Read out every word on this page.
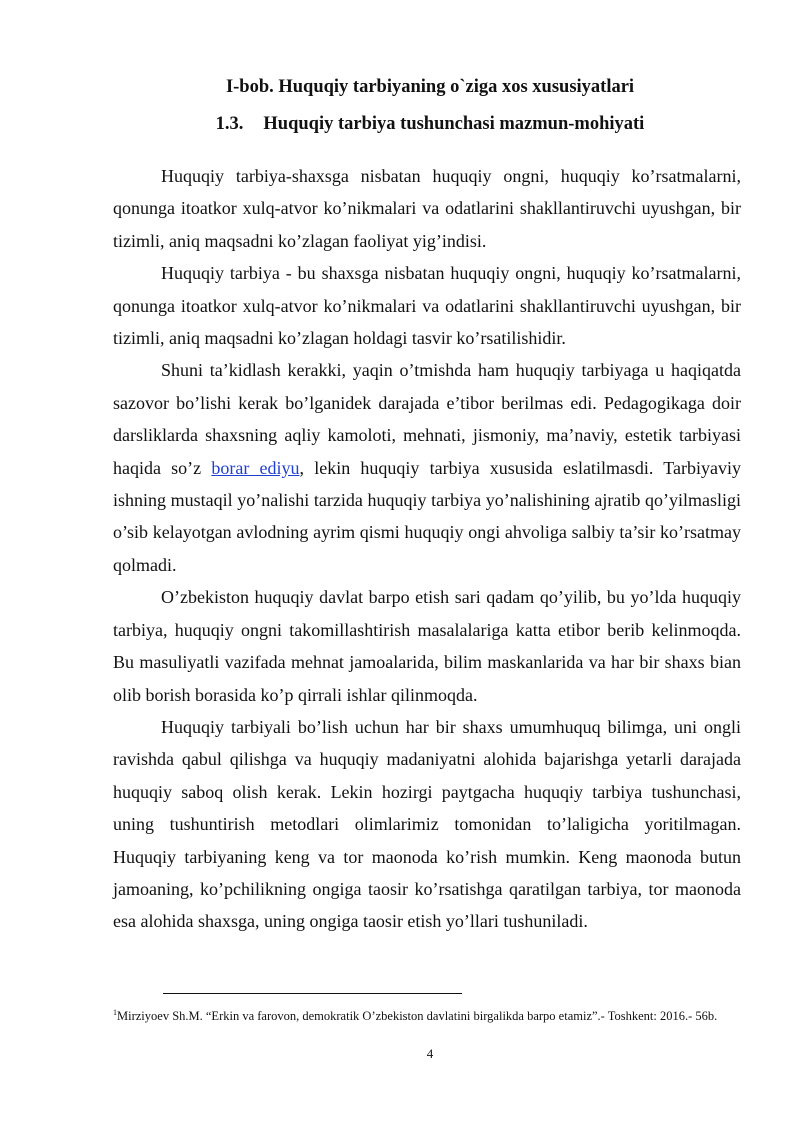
I-bob. Huquqiy tarbiyaning o`ziga xos xususiyatlari
1.3. Huquqiy tarbiya tushunchasi mazmun-mohiyati

Huquqiy tarbiya-shaxsga nisbatan huquqiy ongni, huquqiy ko’rsatmalarni, qonunga itoatkor xulq-atvor ko’nikmalari va odatlarini shakllantiruvchi uyushgan, bir tizimli, aniq maqsadni ko’zlagan faoliyat yig’indisi.

Huquqiy tarbiya - bu shaxsga nisbatan huquqiy ongni, huquqiy ko’rsatmalarni, qonunga itoatkor xulq-atvor ko’nikmalari va odatlarini shakllantiruvchi uyushgan, bir tizimli, aniq maqsadni ko’zlagan holdagi tasvir ko’rsatilishidir.

Shuni ta’kidlash kerakki, yaqin o’tmishda ham huquqiy tarbiyaga u haqiqatda sazovor bo’lishi kerak bo’lganidek darajada e’tibor berilmas edi. Pedagogikaga doir darsliklarda shaxsning aqliy kamoloti, mehnati, jismoniy, ma’naviy, estetik tarbiyasi haqida so’z borar ediyu, lekin huquqiy tarbiya xususida eslatilmasdi. Tarbiyaviy ishning mustaqil yo’nalishi tarzida huquqiy tarbiya yo’nalishining ajratib qo’yilmasligi o’sib kelayotgan avlodning ayrim qismi huquqiy ongi ahvoliga salbiy ta’sir ko’rsatmay qolmadi.

O’zbekiston huquqiy davlat barpo etish sari qadam qo’yilib, bu yo’lda huquqiy tarbiya, huquqiy ongni takomillashtirish masalalariga katta etibor berib kelinmoqda. Bu masuliyatli vazifada mehnat jamoalarida, bilim maskanlarida va har bir shaxs bian olib borish borasida ko’p qirrali ishlar qilinmoqda.

Huquqiy tarbiyali bo’lish uchun har bir shaxs umumhuquq bilimga, uni ongli ravishda qabul qilishga va huquqiy madaniyatni alohida bajarishga yetarli darajada huquqiy saboq olish kerak. Lekin hozirgi paytgacha huquqiy tarbiya tushunchasi, uning tushuntirish metodlari olimlarimiz tomonidan to’laligicha yoritilmagan. Huquqiy tarbiyaning keng va tor maonoda ko’rish mumkin. Keng maonoda butun jamoaning, ko’pchilikning ongiga taosir ko’rsatishga qaratilgan tarbiya, tor maonoda esa alohida shaxsga, uning ongiga taosir etish yo’llari tushuniladi.

$^1$Mirziyoev Sh.M. “Erkin va farovon, demokratik O’zbekiston davlatini birgalikda barpo etamiz”.- Toshkent: 2016.- 56b.
4
